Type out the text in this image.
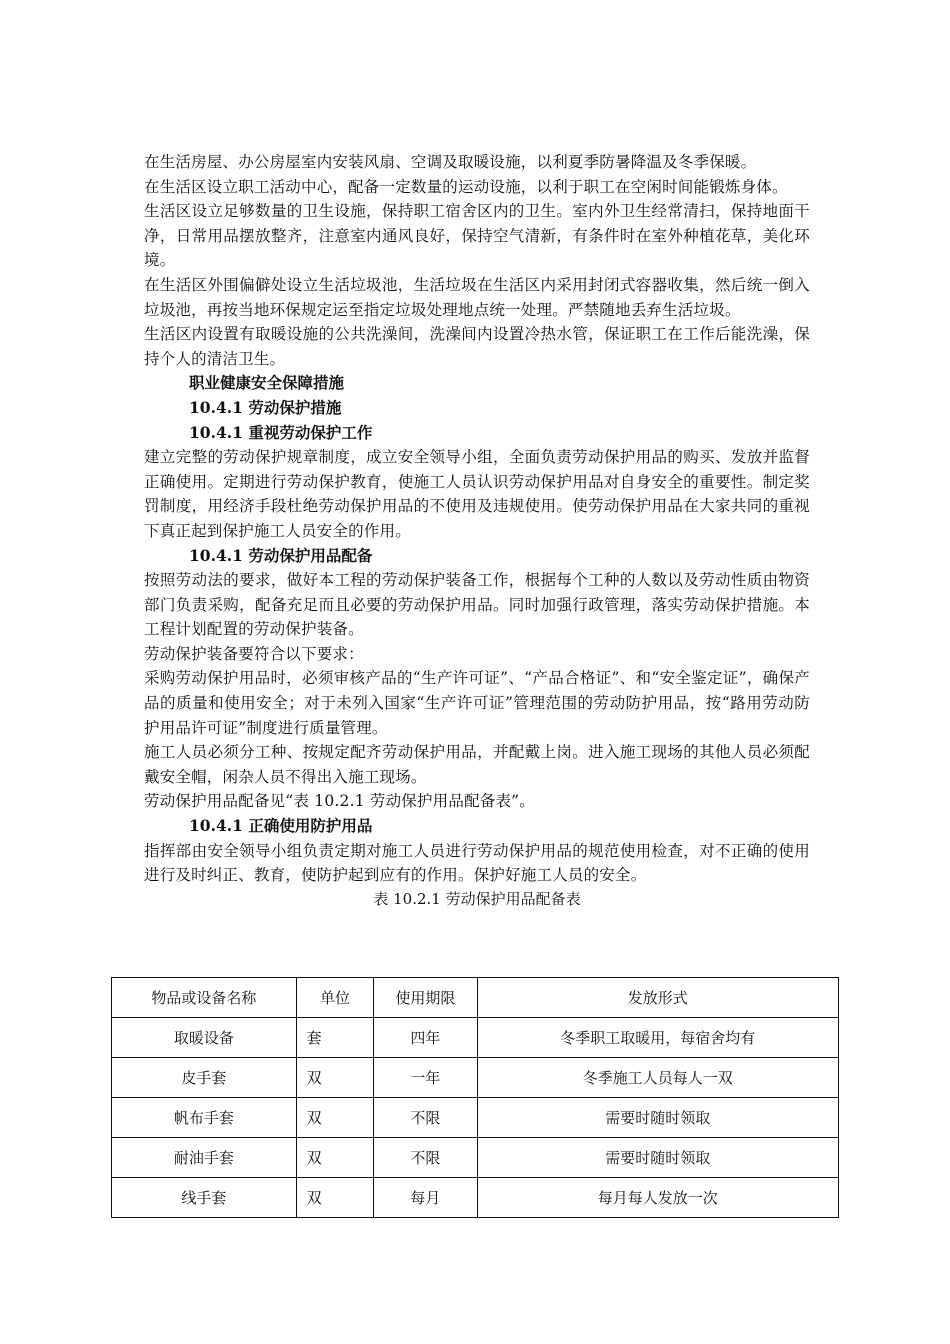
在生活房屋、办公房屋室内安装风扇、空调及取暖设施，以利夏季防暑降温及冬季保暖。

在生活区设立职工活动中心，配备一定数量的运动设施，以利于职工在空闲时间能锻炼身体。

生活区设立足够数量的卫生设施，保持职工宿舍区内的卫生。室内外卫生经常清扫，保持地面干净，日常用品摆放整齐，注意室内通风良好，保持空气清新，有条件时在室外种植花草，美化环境。

在生活区外围偏僻处设立生活垃圾池，生活垃圾在生活区内采用封闭式容器收集，然后统一倒入垃圾池，再按当地环保规定运至指定垃圾处理地点统一处理。严禁随地丢弃生活垃圾。

生活区内设置有取暖设施的公共洗澡间，洗澡间内设置冷热水管，保证职工在工作后能洗澡，保持个人的清洁卫生。

职业健康安全保障措施

10.4.1 劳动保护措施

10.4.1 重视劳动保护工作

建立完整的劳动保护规章制度，成立安全领导小组，全面负责劳动保护用品的购买、发放并监督正确使用。定期进行劳动保护教育，使施工人员认识劳动保护用品对自身安全的重要性。制定奖罚制度，用经济手段杜绝劳动保护用品的不使用及违规使用。使劳动保护用品在大家共同的重视下真正起到保护施工人员安全的作用。

10.4.1 劳动保护用品配备

按照劳动法的要求，做好本工程的劳动保护装备工作，根据每个工种的人数以及劳动性质由物资部门负责采购，配备充足而且必要的劳动保护用品。同时加强行政管理，落实劳动保护措施。本工程计划配置的劳动保护装备。

劳动保护装备要符合以下要求：

采购劳动保护用品时，必须审核产品的“生产许可证”、“产品合格证”、和“安全鉴定证”，确保产品的质量和使用安全；对于未列入国家“生产许可证”管理范围的劳动防护用品，按“路用劳动防护用品许可证”制度进行质量管理。

施工人员必须分工种、按规定配齐劳动保护用品，并配戴上岗。进入施工现场的其他人员必须配戴安全帽，闲杂人员不得出入施工现场。

劳动保护用品配备见“表 10.2.1 劳动保护用品配备表”。

10.4.1 正确使用防护用品

指挥部由安全领导小组负责定期对施工人员进行劳动保护用品的规范使用检查，对不正确的使用进行及时纠正、教育，使防护起到应有的作用。保护好施工人员的安全。

表 10.2.1 劳动保护用品配备表

物品或设备名称	单位	使用期限	发放形式
取暖设备	套	四年	冬季职工取暖用，每宿舍均有
皮手套	双	一年	冬季施工人员每人一双
帆布手套	双	不限	需要时随时领取
耐油手套	双	不限	需要时随时领取
线手套	双	每月	每月每人发放一次
